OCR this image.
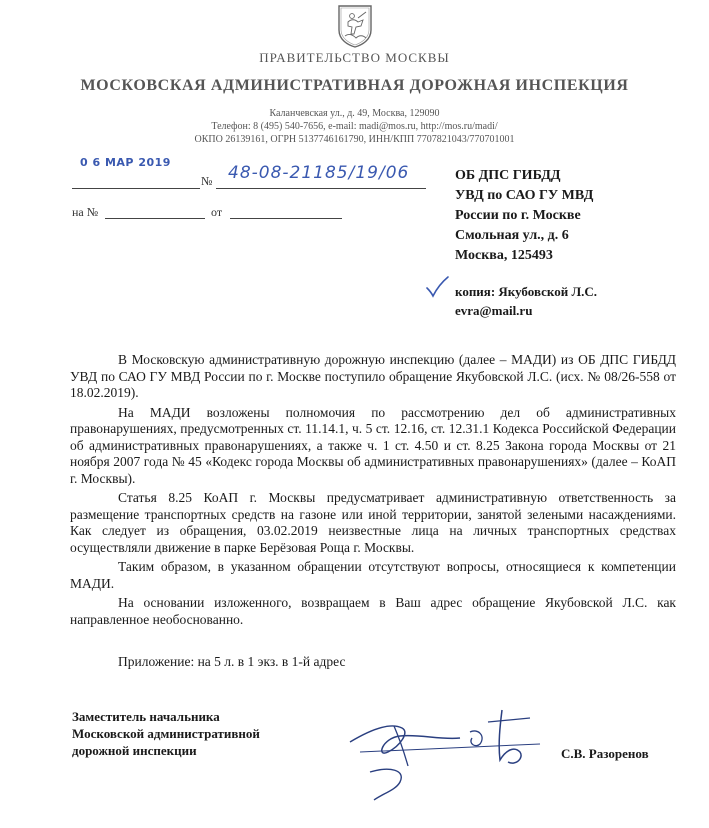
ПРАВИТЕЛЬСТВО МОСКВЫ
МОСКОВСКАЯ АДМИНИСТРАТИВНАЯ ДОРОЖНАЯ ИНСПЕКЦИЯ
Каланчевская ул., д. 49, Москва, 129090
Телефон: 8 (495) 540-7656, e-mail: madi@mos.ru, http://mos.ru/madi/
ОКПО 26139161, ОГРН 5137746161790, ИНН/КПП 7707821043/770701001
0 6 МАР 2019
№ 48-08-21185/19/06
на №	от
ОБ ДПС ГИБДД
УВД по САО ГУ МВД
России по г. Москве
Смольная ул., д. 6
Москва, 125493
копия: Якубовской Л.С.
evra@mail.ru

В Московскую административную дорожную инспекцию (далее – МАДИ) из ОБ ДПС ГИБДД УВД по САО ГУ МВД России по г. Москве поступило обращение Якубовской Л.С. (исх. № 08/26-558 от 18.02.2019).

На МАДИ возложены полномочия по рассмотрению дел об административных правонарушениях, предусмотренных ст. 11.14.1, ч. 5 ст. 12.16, ст. 12.31.1 Кодекса Российской Федерации об административных правонарушениях, а также ч. 1 ст. 4.50 и ст. 8.25 Закона города Москвы от 21 ноября 2007 года № 45 «Кодекс города Москвы об административных правонарушениях» (далее – КоАП г. Москвы).

Статья 8.25 КоАП г. Москвы предусматривает административную ответственность за размещение транспортных средств на газоне или иной территории, занятой зелеными насаждениями. Как следует из обращения, 03.02.2019 неизвестные лица на личных транспортных средствах осуществляли движение в парке Берёзовая Роща г. Москвы.

Таким образом, в указанном обращении отсутствуют вопросы, относящиеся к компетенции МАДИ.

На основании изложенного, возвращаем в Ваш адрес обращение Якубовской Л.С. как направленное необоснованно.

Приложение: на 5 л. в 1 экз. в 1-й адрес
Заместитель начальника
Московской административной
дорожной инспекции	С.В. Разоренов
